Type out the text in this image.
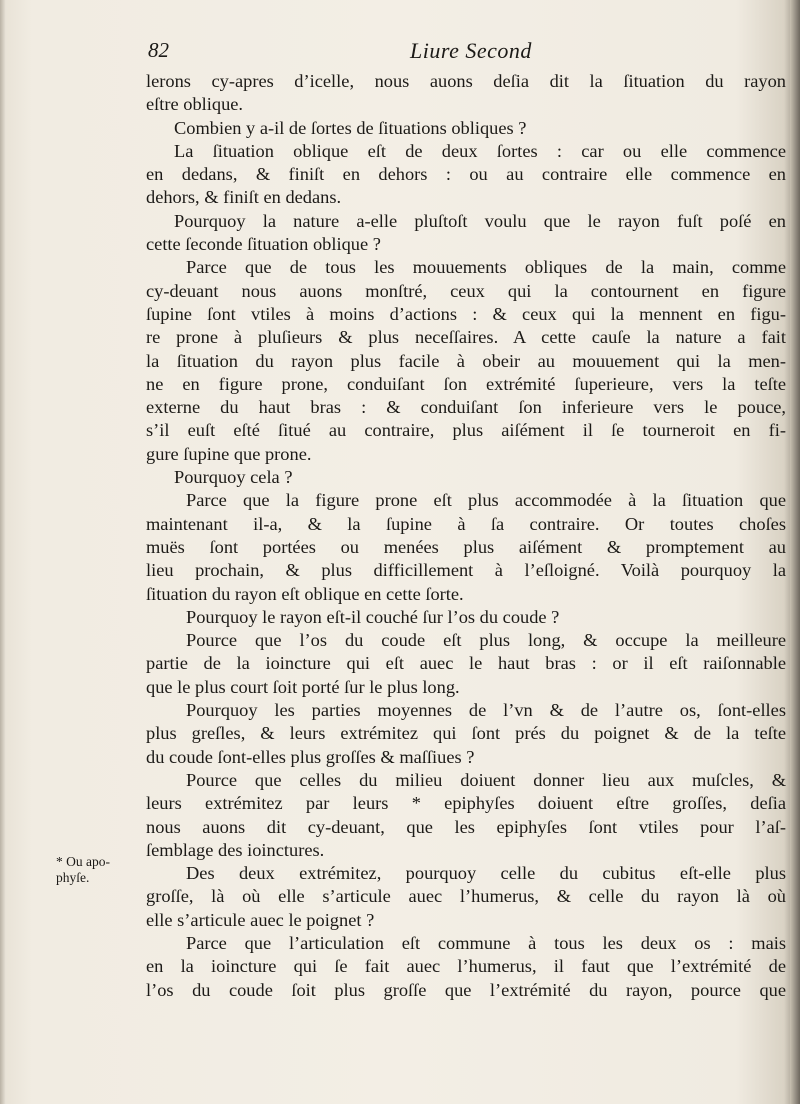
82	Liure Second
* Ou apo-
phyſe.
lerons cy-apres d’icelle, nous auons deſia dit la ſituation du rayon
eſtre oblique.
Combien y a-il de ſortes de ſituations obliques ?
La ſituation oblique eſt de deux ſortes : car ou elle commence
en dedans, & finiſt en dehors : ou au contraire elle commence en
dehors, & finiſt en dedans.
Pourquoy la nature a-elle pluſtoſt voulu que le rayon fuſt poſé en
cette ſeconde ſituation oblique ?
Parce que de tous les mouuements obliques de la main, comme
cy-deuant nous auons monſtré, ceux qui la contournent en figure
ſupine ſont vtiles à moins d’actions : & ceux qui la mennent en figu-
re prone à pluſieurs & plus neceſſaires. A cette cauſe la nature a fait
la ſituation du rayon plus facile à obeir au mouuement qui la men-
ne en figure prone, conduiſant ſon extrémité ſuperieure, vers la teſte
externe du haut bras : & conduiſant ſon inferieure vers le pouce,
s’il euſt eſté ſitué au contraire, plus aiſément il ſe tourneroit en fi-
gure ſupine que prone.
Pourquoy cela ?
Parce que la figure prone eſt plus accommodée à la ſituation que
maintenant il-a, & la ſupine à ſa contraire. Or toutes choſes
muës ſont portées ou menées plus aiſément & promptement au
lieu prochain, & plus difficillement à l’eſloigné. Voilà pourquoy la
ſituation du rayon eſt oblique en cette ſorte.
Pourquoy le rayon eſt-il couché ſur l’os du coude ?
Pource que l’os du coude eſt plus long, & occupe la meilleure
partie de la ioincture qui eſt auec le haut bras : or il eſt raiſonnable
que le plus court ſoit porté ſur le plus long.
Pourquoy les parties moyennes de l’vn & de l’autre os, ſont-elles
plus greſles, & leurs extrémitez qui ſont prés du poignet & de la teſte
du coude ſont-elles plus groſſes & maſſiues ?
Pource que celles du milieu doiuent donner lieu aux muſcles, &
leurs extrémitez par leurs * epiphyſes doiuent eſtre groſſes, deſia
nous auons dit cy-deuant, que les epiphyſes ſont vtiles pour l’aſ-
ſemblage des ioinctures.
Des deux extrémitez, pourquoy celle du cubitus eſt-elle plus
groſſe, là où elle s’articule auec l’humerus, & celle du rayon là où
elle s’articule auec le poignet ?
Parce que l’articulation eſt commune à tous les deux os : mais
en la ioincture qui ſe fait auec l’humerus, il faut que l’extrémité de
l’os du coude ſoit plus groſſe que l’extrémité du rayon, pource que
